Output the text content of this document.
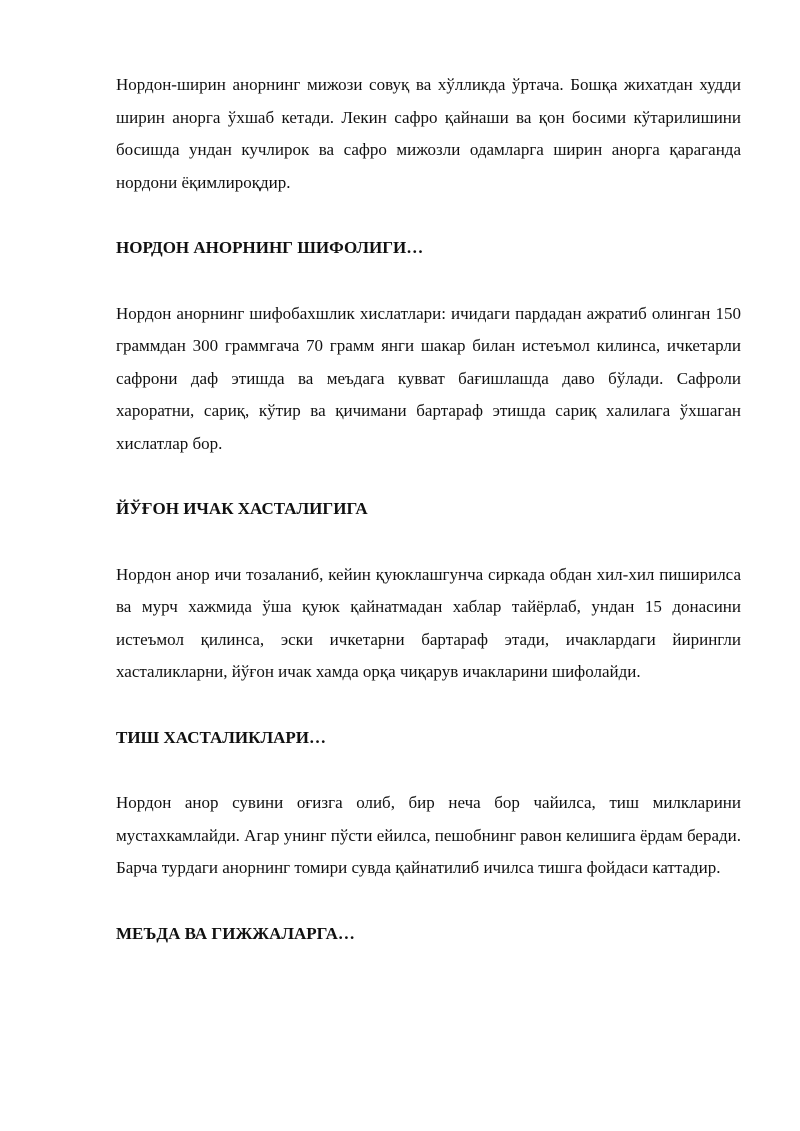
Нордон-ширин анорнинг мижози совуқ ва хўлликда ўртача. Бошқа жихатдан худди ширин анорга ўхшаб кетади. Лекин сафро қайнаши ва қон босими кўтарилишини босишда ундан кучлирок ва сафро мижозли одамларга ширин анорга қараганда нордони ёқимлироқдир.

НОРДОН АНОРНИНГ ШИФОЛИГИ…

Нордон анорнинг шифобахшлик хислатлари: ичидаги пардадан ажратиб олинган 150 граммдан 300 граммгача 70 грамм янги шакар билан истеъмол килинса, ичкетарли сафрони даф этишда ва меъдага кувват бағишлашда даво бўлади. Сафроли хароратни, сариқ, кўтир ва қичимани бартараф этишда сариқ халилага ўхшаган хислатлар бор.

ЙЎҒОН ИЧАК ХАСТАЛИГИГА

Нордон анор ичи тозаланиб, кейин қуюклашгунча сиркада обдан хил-хил пиширилса ва мурч хажмида ўша қуюк қайнатмадан хаблар тайёрлаб, ундан 15 донасини истеъмол қилинса, эски ичкетарни бартараф этади, ичаклардаги йирингли хасталикларни, йўғон ичак хамда орқа чиқарув ичакларини шифолайди.

ТИШ ХАСТАЛИКЛАРИ…

Нордон анор сувини оғизга олиб, бир неча бор чайилса, тиш милкларини мустахкамлайди. Агар унинг пўсти ейилса, пешобнинг равон келишига ёрдам беради. Барча турдаги анорнинг томири сувда қайнатилиб ичилса тишга фойдаси каттадир.

МЕЪДА ВА ГИЖЖАЛАРГА…
